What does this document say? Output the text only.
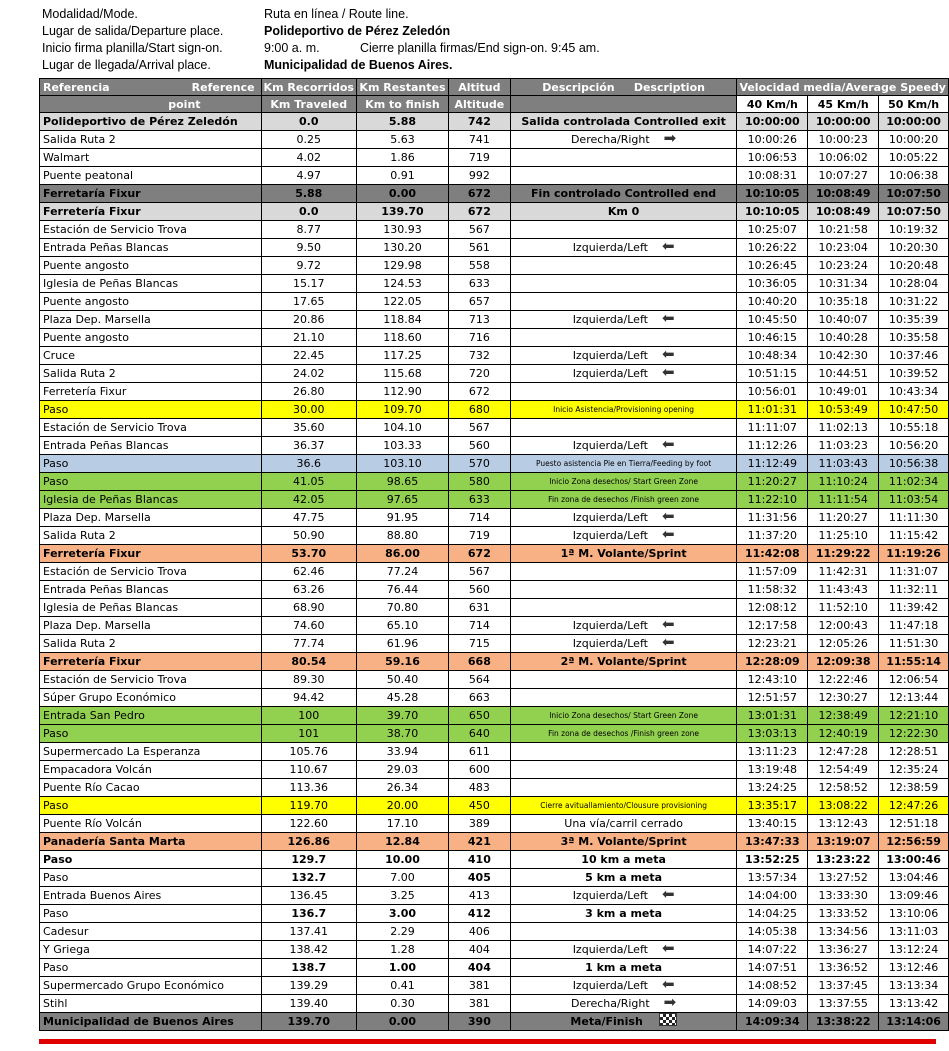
Modalidad/Mode.	Ruta en línea / Route line.
Lugar de salida/Departure place.	Polideportivo de Pérez Zeledón
Inicio firma planilla/Start sign-on.	9:00 a. m.	Cierre planilla firmas/End sign-on. 9:45 am.
Lugar de llegada/Arrival place.	Municipalidad de Buenos Aires.
Referencia Reference	Km Recorridos	Km Restantes	Altitud	Descripción Description	Velocidad media/Average Speedy		
point	Km Traveled	Km to finish	Altitude		40 Km/h	45 Km/h	50 Km/h
Polideportivo de Pérez Zeledón	0.0	5.88	742	Salida controlada Controlled exit	10:00:00	10:00:00	10:00:00
Salida Ruta 2	0.25	5.63	741	Derecha/Right ➡	10:00:26	10:00:23	10:00:20
Walmart	4.02	1.86	719		10:06:53	10:06:02	10:05:22
Puente peatonal	4.97	0.91	992		10:08:31	10:07:27	10:06:38
Ferretaría Fixur	5.88	0.00	672	Fin controlado Controlled end	10:10:05	10:08:49	10:07:50
Ferretería Fixur	0.0	139.70	672	Km 0	10:10:05	10:08:49	10:07:50
Estación de Servicio Trova	8.77	130.93	567		10:25:07	10:21:58	10:19:32
Entrada Peñas Blancas	9.50	130.20	561	Izquierda/Left ⬅	10:26:22	10:23:04	10:20:30
Puente angosto	9.72	129.98	558		10:26:45	10:23:24	10:20:48
Iglesia de Peñas Blancas	15.17	124.53	633		10:36:05	10:31:34	10:28:04
Puente angosto	17.65	122.05	657		10:40:20	10:35:18	10:31:22
Plaza Dep. Marsella	20.86	118.84	713	Izquierda/Left ⬅	10:45:50	10:40:07	10:35:39
Puente angosto	21.10	118.60	716		10:46:15	10:40:28	10:35:58
Cruce	22.45	117.25	732	Izquierda/Left ⬅	10:48:34	10:42:30	10:37:46
Salida Ruta 2	24.02	115.68	720	Izquierda/Left ⬅	10:51:15	10:44:51	10:39:52
Ferretería Fixur	26.80	112.90	672		10:56:01	10:49:01	10:43:34
Paso	30.00	109.70	680	Inicio Asistencia/Provisioning opening	11:01:31	10:53:49	10:47:50
Estación de Servicio Trova	35.60	104.10	567		11:11:07	11:02:13	10:55:18
Entrada Peñas Blancas	36.37	103.33	560	Izquierda/Left ⬅	11:12:26	11:03:23	10:56:20
Paso	36.6	103.10	570	Puesto asistencia Pie en Tierra/Feeding by foot	11:12:49	11:03:43	10:56:38
Paso	41.05	98.65	580	Inicio Zona desechos/ Start Green Zone	11:20:27	11:10:24	11:02:34
Iglesia de Peñas Blancas	42.05	97.65	633	Fin zona de desechos /Finish green zone	11:22:10	11:11:54	11:03:54
Plaza Dep. Marsella	47.75	91.95	714	Izquierda/Left ⬅	11:31:56	11:20:27	11:11:30
Salida Ruta 2	50.90	88.80	719	Izquierda/Left ⬅	11:37:20	11:25:10	11:15:42
Ferretería Fixur	53.70	86.00	672	1ª M. Volante/Sprint	11:42:08	11:29:22	11:19:26
Estación de Servicio Trova	62.46	77.24	567		11:57:09	11:42:31	11:31:07
Entrada Peñas Blancas	63.26	76.44	560		11:58:32	11:43:43	11:32:11
Iglesia de Peñas Blancas	68.90	70.80	631		12:08:12	11:52:10	11:39:42
Plaza Dep. Marsella	74.60	65.10	714	Izquierda/Left ⬅	12:17:58	12:00:43	11:47:18
Salida Ruta 2	77.74	61.96	715	Izquierda/Left ⬅	12:23:21	12:05:26	11:51:30
Ferretería Fixur	80.54	59.16	668	2ª M. Volante/Sprint	12:28:09	12:09:38	11:55:14
Estación de Servicio Trova	89.30	50.40	564		12:43:10	12:22:46	12:06:54
Súper Grupo Económico	94.42	45.28	663		12:51:57	12:30:27	12:13:44
Entrada San Pedro	100	39.70	650	Inicio Zona desechos/ Start Green Zone	13:01:31	12:38:49	12:21:10
Paso	101	38.70	640	Fin zona de desechos /Finish green zone	13:03:13	12:40:19	12:22:30
Supermercado La Esperanza	105.76	33.94	611		13:11:23	12:47:28	12:28:51
Empacadora Volcán	110.67	29.03	600		13:19:48	12:54:49	12:35:24
Puente Río Cacao	113.36	26.34	483		13:24:25	12:58:52	12:38:59
Paso	119.70	20.00	450	Cierre avituallamiento/Clousure provisioning	13:35:17	13:08:22	12:47:26
Puente Río Volcán	122.60	17.10	389	Una vía/carril cerrado	13:40:15	13:12:43	12:51:18
Panadería Santa Marta	126.86	12.84	421	3ª M. Volante/Sprint	13:47:33	13:19:07	12:56:59
Paso	129.7	10.00	410	10 km a meta	13:52:25	13:23:22	13:00:46
Paso	132.7	7.00	405	5 km a meta	13:57:34	13:27:52	13:04:46
Entrada Buenos Aires	136.45	3.25	413	Izquierda/Left ⬅	14:04:00	13:33:30	13:09:46
Paso	136.7	3.00	412	3 km a meta	14:04:25	13:33:52	13:10:06
Cadesur	137.41	2.29	406		14:05:38	13:34:56	13:11:03
Y Griega	138.42	1.28	404	Izquierda/Left ⬅	14:07:22	13:36:27	13:12:24
Paso	138.7	1.00	404	1 km a meta	14:07:51	13:36:52	13:12:46
Supermercado Grupo Económico	139.29	0.41	381	Izquierda/Left ⬅	14:08:52	13:37:45	13:13:34
Stihl	139.40	0.30	381	Derecha/Right ➡	14:09:03	13:37:55	13:13:42
Municipalidad de Buenos Aires	139.70	0.00	390	Meta/Finish	14:09:34	13:38:22	13:14:06
